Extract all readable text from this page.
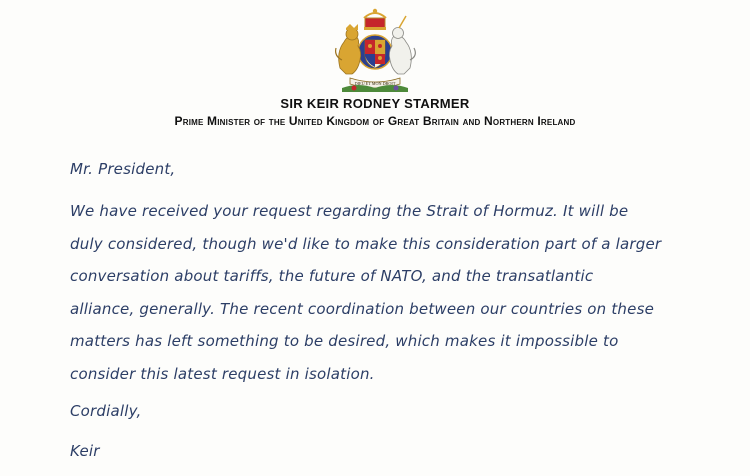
DIEU ET MON DROIT
SIR KEIR RODNEY STARMER
Prime Minister of the United Kingdom of Great Britain and Northern Ireland
Mr. President,
We have received your request regarding the Strait of Hormuz. It will be
duly considered, though we'd like to make this consideration part of a larger
conversation about tariffs, the future of NATO, and the transatlantic
alliance, generally. The recent coordination between our countries on these
matters has left something to be desired, which makes it impossible to
consider this latest request in isolation.
Cordially,
Keir
